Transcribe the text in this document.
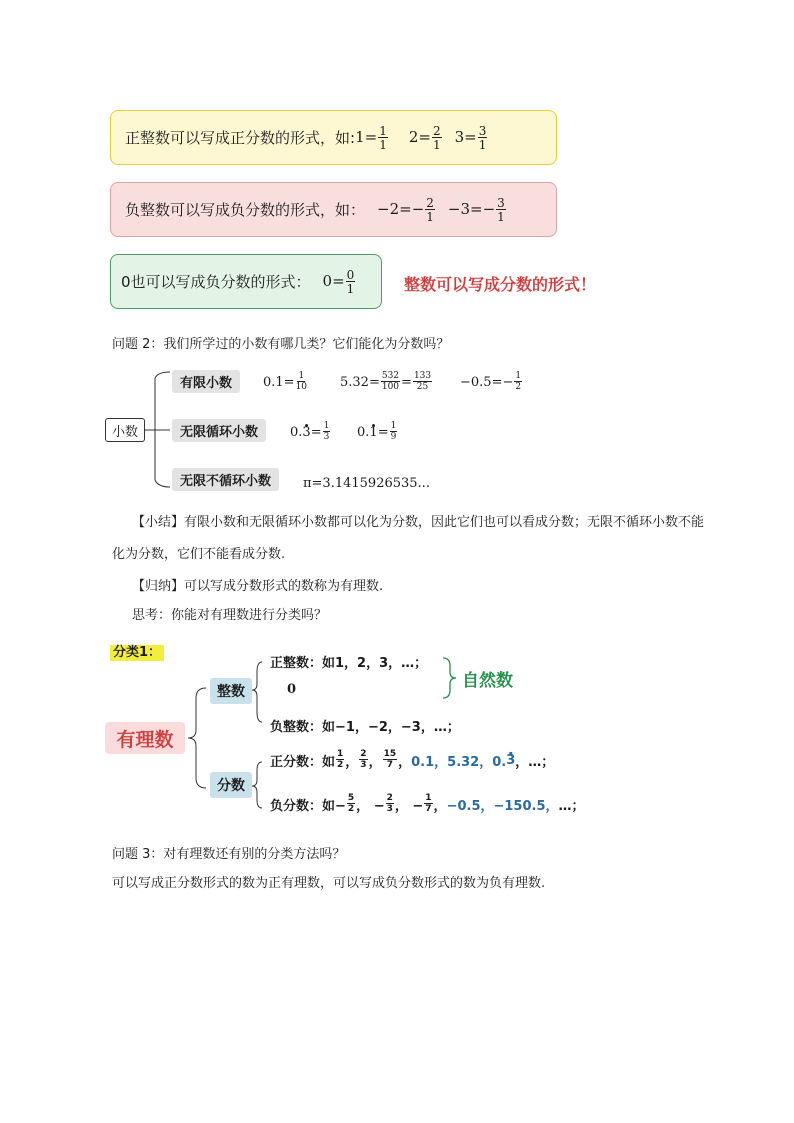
正整数可以写成正分数的形式，如: $1= \frac{1}{1} 2= \frac{2}{1} 3= \frac{3}{1}$
负整数可以写成负分数的形式，如： $-2=- \frac{2}{1} -3=- \frac{3}{1}$
0也可以写成负分数的形式： $0= \frac{0}{1}$	整数可以写成分数的形式！
问题 2：我们所学过的小数有哪几类？它们能化为分数吗？
小数
有限小数	$0.1= \frac{1}{10}$	$5.32= \frac{532}{100} = \frac{133}{25} -0.5=- \frac{1}{2}$
无限循环小数	0. · $3 = \frac{1}{3} 0$. · $1 = \frac{1}{9}$
无限不循环小数	π=3.1415926535...
【小结】有限小数和无限循环小数都可以化为分数，因此它们也可以看成分数；无限不循环小数不能
化为分数，它们不能看成分数.
【归纳】可以写成分数形式的数称为有理数.
思考：你能对有理数进行分类吗？
分类1：
有理数
整数
分数
正整数：如1，2，3，…；
0
负整数：如−1，−2，−3，…；
自然数
正分数：如 $\frac{1}{2}$ ， $\frac{2}{3}$ ， $\frac{15}{7}$ ， 0.1，5.32，0. · 3 ，…；
负分数：如− $\frac{5}{2}$ ， − $\frac{2}{3}$ ， − $\frac{1}{7}$ ， −0.5，−150.5， …；
问题 3：对有理数还有别的分类方法吗？
可以写成正分数形式的数为正有理数，可以写成负分数形式的数为负有理数.
